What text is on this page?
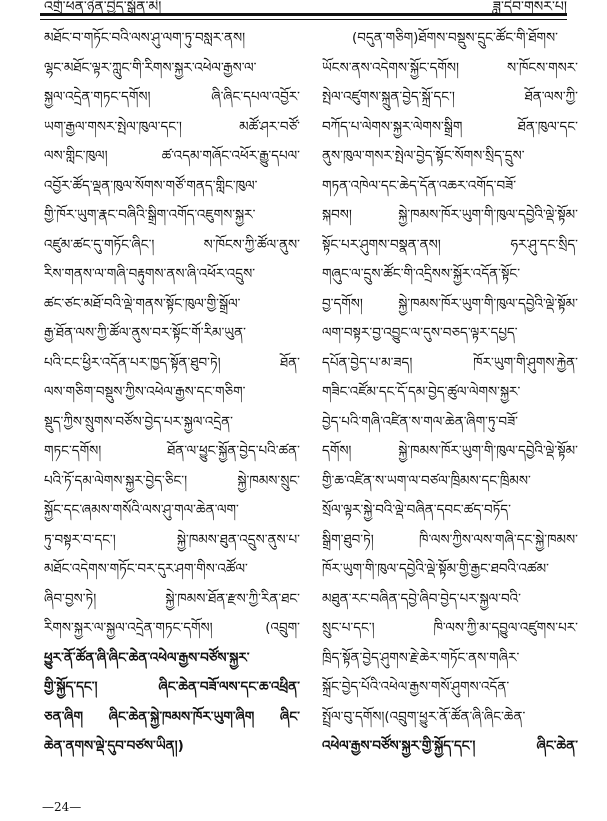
འགྲོ་ཕན་ཉིན་བྱེད་སྒྲོན་མེ།	ཟླ་དེབ་གསར་པ།
མཐོང་བ་གཏོང་བའི་ལས་ཤུ་ལག་ཏུ་བསླར་ནས།
ལྷང་མཐོང་ལྟར་ཀླུང་གི་རིགས་སྐྱར་འཕེལ་རྒྱས་ལ་
སྐྱལ་འདྲེན་གཏང་དགོས། ཞི་ཞིང་དཔལ་འབྱོར་
ཡག་རྒྱལ་གསར་སྤེལ་ཁུལ་དང་། མཚོ་ཤར་བཙོ་
ལས་གླིང་ཁུལ། ཚ་འདམ་གཞོང་འཕོར་རྒྱུ་དཔལ་
འབྱོར་ཚོད་ལྡན་ཁུལ་སོགས་གཙོ་གནད་གླིང་ཁུལ་
གྱི་ཁོར་ཡུག་རྣང་བཞིའི་སྒྲིག་འགོད་འཇུགས་སྐྱར་
འཛུམ་ཚང་དུ་གཏོང་ཞིང་། ས་ཁོངས་ཀྱི་ཚོལ་ནུས་
རིས་གནས་ལ་གཞི་བརྟུགས་ནས་ཞི་འཕོར་འདྲུས་
ཚང་ཙང་མཐོ་བའི་ལྡེ་གནས་སྟོང་ཁུལ་གྱི་སྒྲོལ་
རྒྱ་ཐོན་ལས་ཀྱི་ཚོལ་ནུས་བར་སྟོང་གོ་རིམ་ཡུན་
པའི་ངང་ཕྱིར་འདོན་པར་ཁྱད་སྟོན་ཐུབ་ཏེ། ཐོན་
ལས་གཅིག་བསྡུས་ཀྱིས་འཕེལ་རྒྱས་དང་གཅིག་
སྡུད་ཀྱིས་སྲུགས་བཙོས་བྱེད་པར་སྐྱལ་འདྲེན་
གཏང་དགོས། ཐོན་ལ་ཕྱུང་སྐྱོན་བྱེད་པའི་ཚན་
པའི་ཏོ་དམ་ལེགས་སྐྱར་བྱེད་ཅིང་། སྐྱེ་ཁམས་སྲུང་
སྐྱོང་དང་ཞམས་གསོའི་ལས་ཤུ་གལ་ཆེན་ལག་
ཏུ་བསྟར་བ་དང་། སྐྱེ་ཁམས་ཐུན་འདྲུས་ནུས་པ་
མཐོང་འདེགས་གཏོང་བར་དུར་ཤག་གིས་འཚོལ་
ཞིབ་བྱས་ཏེ། སྐྱེ་ཁམས་ཐོན་རྫས་ཀྱི་རིན་ཐང་
རིགས་སྐྱར་ལ་སྐྱལ་འདྲེན་གཏང་དགོས། (འབྲུག་
ཕྱུར་ནོ་ཚོན་ཞི་ཞིང་ཆེན་འཕེལ་རྒྱས་བཙོས་སྐྱར་
གྱི་སྐྱོད་དང་། ཞིང་ཆེན་བཟོ་ལས་དང་ཆ་འཕྲིན་
ཅན་ཞིག ཞིང་ཆེན་སྐྱེ་ཁམས་ཁོར་ཡུག་ཞིག ཞིང་
ཆེན་ནགས་ལྡེ་དུབ་བཙས་ཡིན།)
(བདུན་གཅིག)ཐོགས་བསྡུས་དྲུང་ཚོང་གི་ཐོགས་
ཡོངས་ནས་འདེགས་སྐྱོང་དགོས། ས་ཁོངས་གསར་
སྤེལ་འཛུགས་སྐྲུན་བྱེད་སྐྲོ་དང་། ཐོན་ལས་ཀྱི་
བཀོད་པ་ལེགས་སྐྱར་ལེགས་སྒྲིག ཐོན་ཁུལ་དང་
ནུས་ཁུལ་གསར་སྤེལ་བྱེད་སྟོང་སོགས་སྲིད་དྲུས་
གཏན་འཁེལ་དང་ཆེད་དོན་འཆར་འགོད་བཟོ་
སྐབས། སྐྱེ་ཁམས་ཁོར་ཡུག་གི་ཁུལ་དབྱེའི་ལྡེ་སྟོམ་
སྟོང་པར་ཤུགས་བསྣན་ནས། ཧར་ཤུ་དང་སྲིད་
གཞུང་ལ་དྲུས་ཚོང་གི་འདྲིསས་སྐྱོར་འདོན་སྟོང་
བྱ་དགོས། སྐྱེ་ཁམས་ཁོར་ཡུག་གི་ཁུལ་དབྱེའི་ལྡེ་སྟོམ་
ལག་བསྟར་བྱ་འབྱུང་ལ་དུས་བཅད་ལྟར་དཔྱད་
དཔོན་བྱེད་པ་མ་ཟད། ཁོར་ཡུག་གི་ཤུགས་རྐྱེན་
གཟིང་འཛོམ་དང་དོ་དམ་བྱེད་ཚུལ་ལེགས་སྐྱར་
བྱེད་པའི་གཞི་འཛིན་ས་གལ་ཆེན་ཞིག་ཏུ་བཟོ་
དགོས། སྐྱེ་ཁམས་ཁོར་ཡུག་གི་ཁུལ་དབྱེའི་ལྡེ་སྟོམ་
གྱི་ཆ་འཛིན་ས་ཡག་ལ་བཙལ་ཁྲིམས་དང་ཁྲིམས་
སྲོལ་ལྟར་སྐྱེ་བའི་ལྡེ་བཞིན་དབང་ཚད་བཏོད་
སྒྲིག་ཐུབ་ཏེ། ཁི་ལས་ཀྱིས་ལས་གཞི་དང་སྐྱེ་ཁམས་
ཁོར་ཡུག་གི་ཁུལ་དབྱེའི་ལྡེ་སྟོམ་གྱི་རྒྱང་ཐབའི་འཚམ་
མཐུན་རང་བཞིན་དབྱེ་ཞིབ་བྱེད་པར་སྐྱལ་བའི་
སྲུང་པ་དང་། ཁི་ལས་ཀྱི་མ་དབྱུལ་འཛུགས་པར་
ཁྲིད་སྟོན་བྱེད་ཤུགས་རྗེ་ཆེར་གཏོང་ནས་གཞིར་
སྐྲོང་བྱེད་པོའི་འཕེལ་རྒྱས་གསོ་ཤུགས་འདོན་
སྤྲོལ་བུ་དགོས།(འབྲུག་ཕྱུར་ནོ་ཚོན་ཞི་ཞིང་ཆེན་
འཕེལ་རྒྱས་བཙོས་སྐྱར་གྱི་སྐྱོད་དང་། ཞིང་ཆེན་
—24—
